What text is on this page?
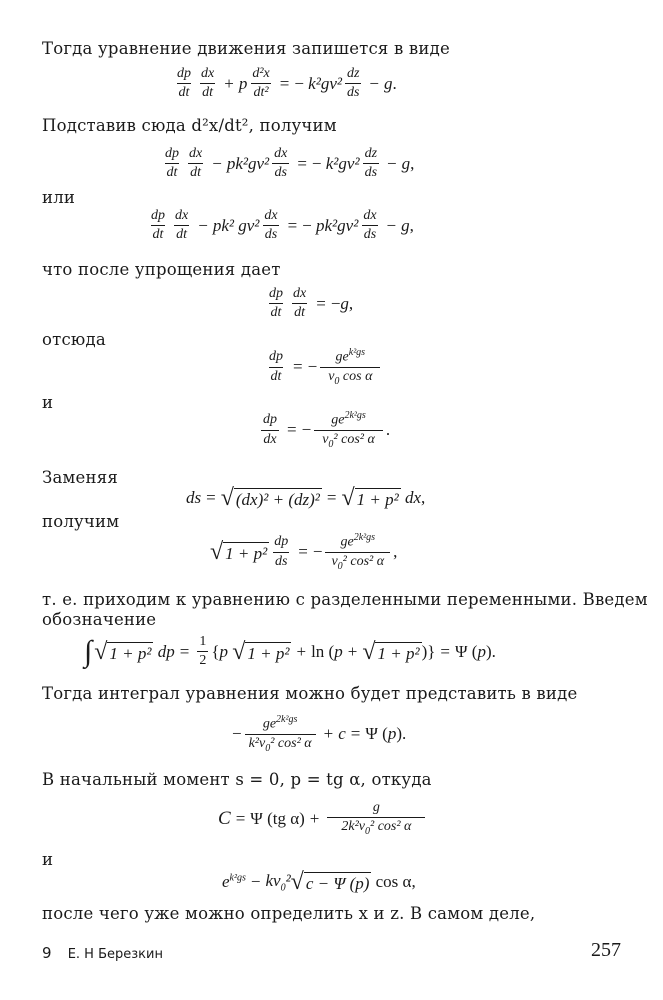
Тогда уравнение движения запишется в виде
$\frac{dp}{dt} \frac{dx}{dt} + p \frac{\text{d²x}}{\text{dt²}}$ = − $k^2gv^2 \frac{dz}{ds} - g$ .
Подставив сюда d²x/dt², получим
$\frac{dp}{dt} \frac{dx}{dt} - pk^2gv^2 \frac{dx}{ds}$ = − $k^2gv^2 \frac{dz}{ds} - g$ ,
или
$\frac{dp}{dt} \frac{dx}{dt} - pk^2$ $gv^2 \frac{dx}{ds}$ = − $pk^2gv^2 \frac{dx}{ds} - g$ ,
что после упрощения дает
$\frac{dp}{dt} \frac{dx}{dt}$ = − g ,
отсюда
$\frac{dp}{dt}$ = − $\frac{ge^{k^2gs}}{v_0 \cos \alpha}$
и
$\frac{dp}{dx}$ = − $\frac{ge^{2k^2gs}}{v_0^2 \cos^2 \alpha}$ .
Заменяя
ds = √ (dx)² + (dz)² = √ 1 + p² dx ,
получим
√ $1 + p^2 \frac{dp}{ds}$ = − $\frac{ge^{2k^2gs}}{v_0^2 \cos^2 \alpha}$ ,
т. е. приходим к уравнению с разделенными переменными. Введем
обозначение
∫ √ 1 + p² dp = $\frac{1}{2}$ { p
√ 1 + p² + ln ( p + √ 1 + p² )} = Ψ ( p ).
Тогда интеграл уравнения можно будет представить в виде
− $\frac{ge^{2k^2gs}}{k^2v_0^2 \cos^2 \alpha} + c = \Psi$ ( p ).
В начальный момент s = 0, p = tg α, откуда
C = Ψ (tg $\alpha) + \frac{g}{2k^2v_0^2 \cos^2 \alpha}$
и
$e^{k^2gs} - kv_0^2$ √ c − Ψ (p) cos α,
после чего уже можно определить x и z. В самом деле,
9 Е. Н Березкин	257
